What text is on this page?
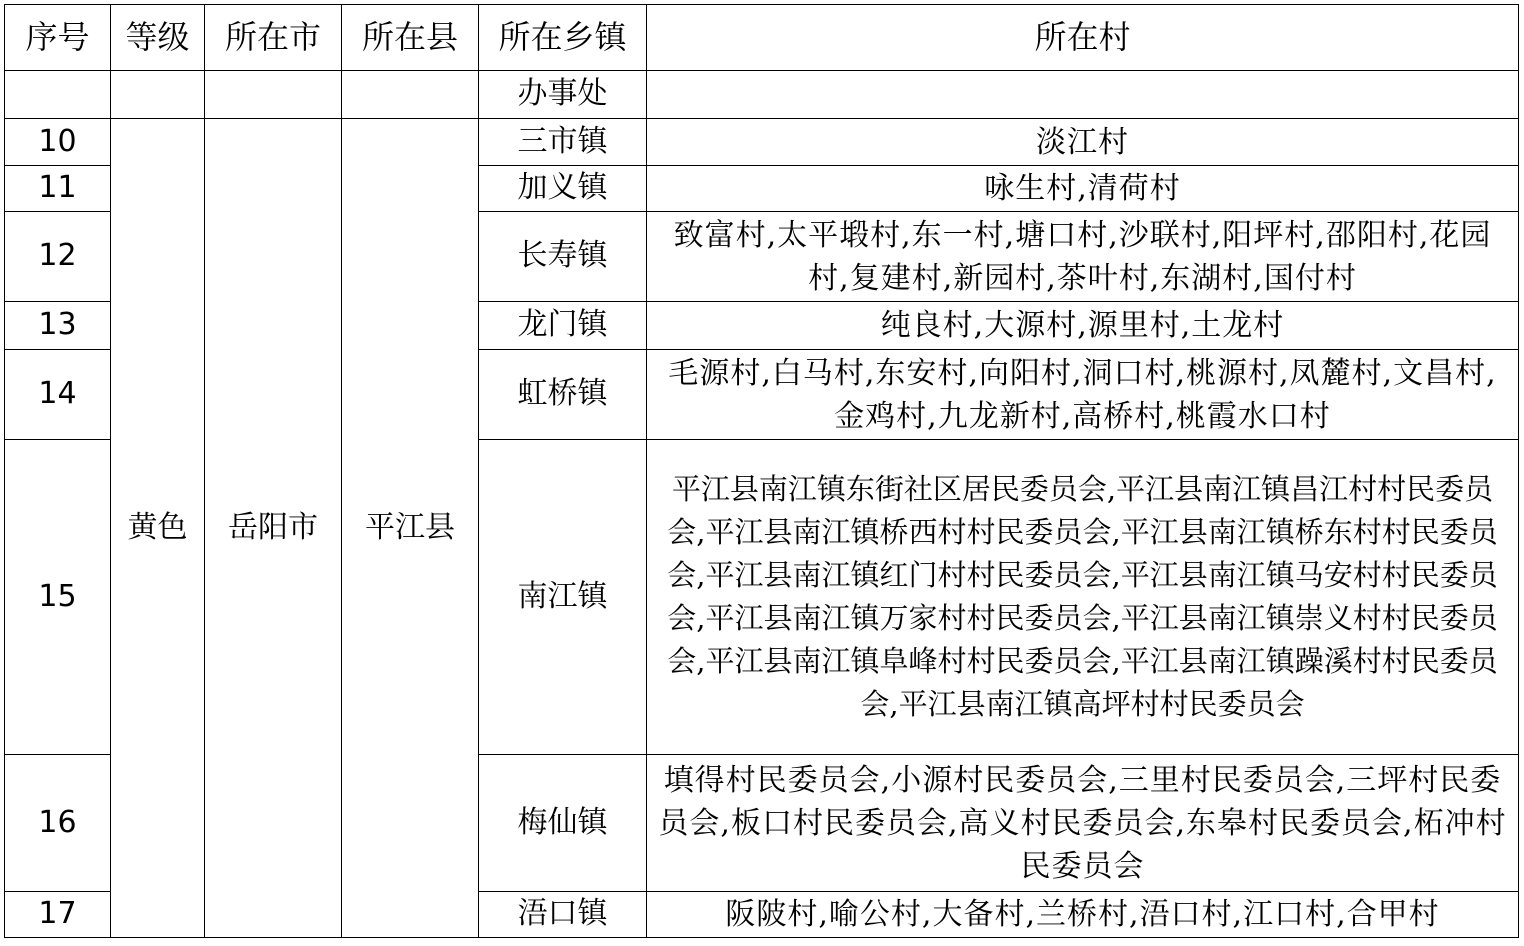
序号	等级	所在市	所在县	所在乡镇	所在村
				办事处	
10	黄色	岳阳市	平江县	三市镇	淡江村
11				加义镇	咏生村,清荷村
12				长寿镇	致富村,太平塅村,东一村,塘口村,沙联村,阳坪村,邵阳村,花园村,复建村,新园村,茶叶村,东湖村,国付村
13				龙门镇	纯良村,大源村,源里村,土龙村
14				虹桥镇	毛源村,白马村,东安村,向阳村,洞口村,桃源村,凤麓村,文昌村,金鸡村,九龙新村,高桥村,桃霞水口村
15				南江镇	平江县南江镇东街社区居民委员会,平江县南江镇昌江村村民委员会,平江县南江镇桥西村村民委员会,平江县南江镇桥东村村民委员会,平江县南江镇红门村村民委员会,平江县南江镇马安村村民委员会,平江县南江镇万家村村民委员会,平江县南江镇崇义村村民委员会,平江县南江镇阜峰村村民委员会,平江县南江镇躁溪村村民委员会,平江县南江镇高坪村村民委员会
16				梅仙镇	填得村民委员会,小源村民委员会,三里村民委员会,三坪村民委员会,板口村民委员会,高义村民委员会,东皋村民委员会,柘冲村民委员会
17				浯口镇	阪陂村,喻公村,大备村,兰桥村,浯口村,江口村,合甲村
